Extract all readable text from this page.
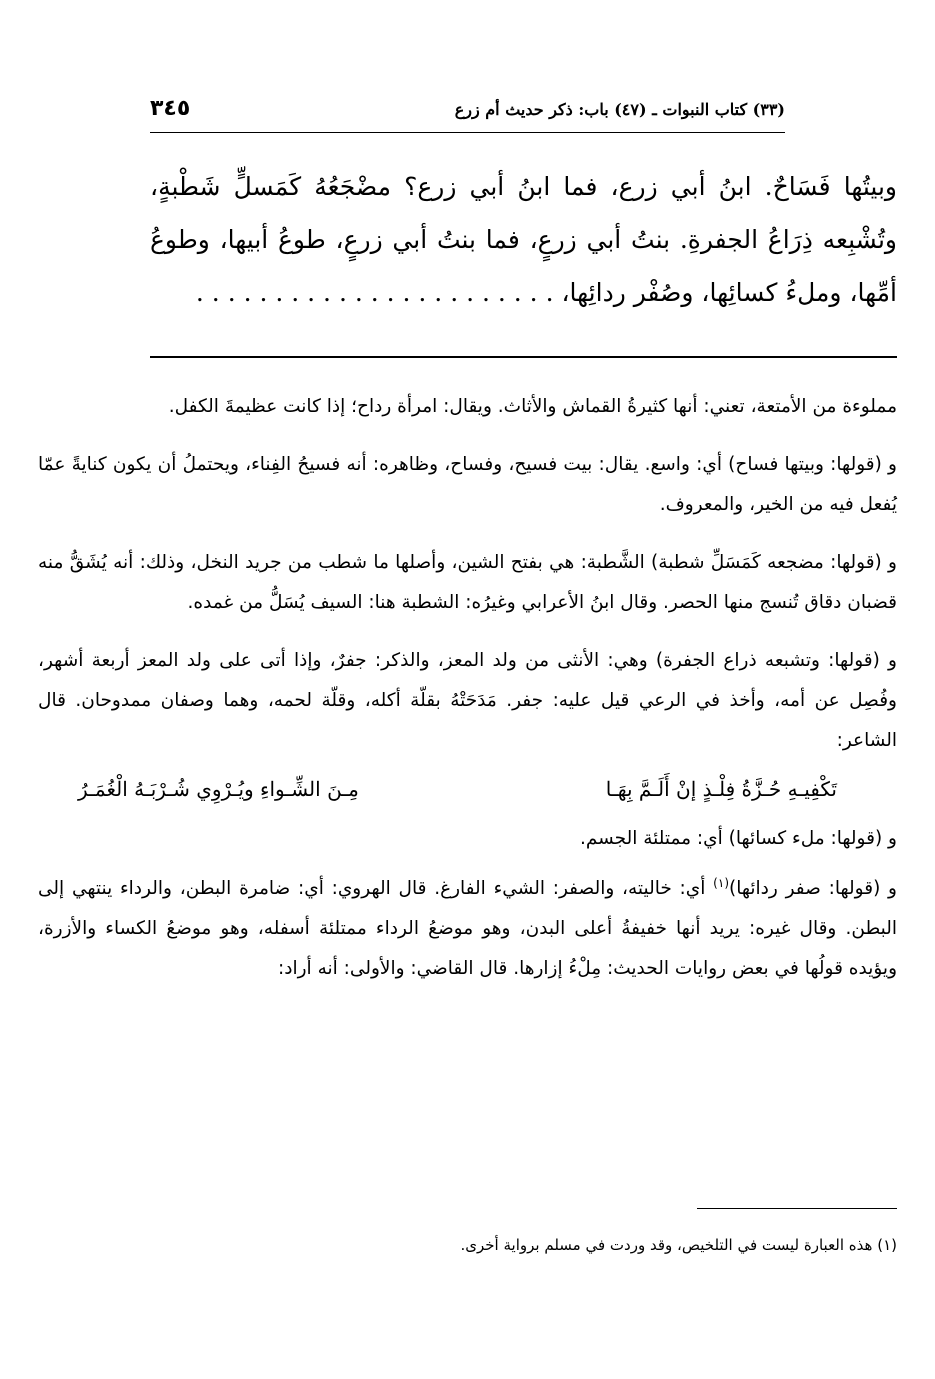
٣٤٥	(٣٣) كتاب النبوات ـ (٤٧) باب: ذكر حديث أم زرع
وبيتُها فَسَاحٌ. ابنُ أبي زرع، فما ابنُ أبي زرع؟ مضْجَعُهُ كَمَسلٍّ شَطْبةٍ، وتُشْبِعه ذِرَاعُ الجفرةِ. بنتُ أبي زرعٍ، فما بنتُ أبي زرعٍ، طوعُ أبيها، وطوعُ أمِّها، وملءُ كسائِها، وصُفْر ردائِها، . . . . . . . . . . . . . . . . . . . . . . .

مملوءة من الأمتعة، تعني: أنها كثيرةُ القماش والأثاث. ويقال: امرأة رداح؛ إذا كانت عظيمةَ الكفل.

و (قولها: وبيتها فساح) أي: واسع. يقال: بيت فسيح، وفساح، وظاهره: أنه فسيحُ الفِناء، ويحتملُ أن يكون كنايةً عمّا يُفعل فيه من الخير، والمعروف.

و (قولها: مضجعه كَمَسَلِّ شطبة) الشَّطبة: هي بفتح الشين، وأصلها ما شطب من جريد النخل، وذلك: أنه يُشَقُّ منه قضبان دقاق تُنسج منها الحصر. وقال ابنُ الأعرابي وغيرُه: الشطبة هنا: السيف يُسَلُّ من غمده.

و (قولها: وتشبعه ذراع الجفرة) وهي: الأنثى من ولد المعز، والذكر: جفرٌ، وإذا أتى على ولد المعز أربعة أشهر، وفُصِل عن أمه، وأخذ في الرعي قيل عليه: جفر. مَدَحَتْهُ بقلّة أكله، وقلّة لحمه، وهما وصفان ممدوحان. قال الشاعر:

تَكْفِيـهِ حُـزَّةُ فِلْـذٍ إنْ أَلَـمَّ بِهَـا
مِـنَ الشِّـواءِ ويُـرْوِي شُـرْبَـهُ الْغُمَـرُ

و (قولها: ملء كسائها) أي: ممتلئة الجسم.

و (قولها: صفر ردائها)$^{(١)}$ أي: خاليته، والصفر: الشيء الفارغ. قال الهروي: أي: ضامرة البطن، والرداء ينتهي إلى البطن. وقال غيره: يريد أنها خفيفةُ أعلى البدن، وهو موضعُ الرداء ممتلئة أسفله، وهو موضعُ الكساء والأزرة، ويؤيده قولُها في بعض روايات الحديث: مِلْءُ إزارها. قال القاضي: والأولى: أنه أراد:

(١) هذه العبارة ليست في التلخيص، وقد وردت في مسلم برواية أخرى.
